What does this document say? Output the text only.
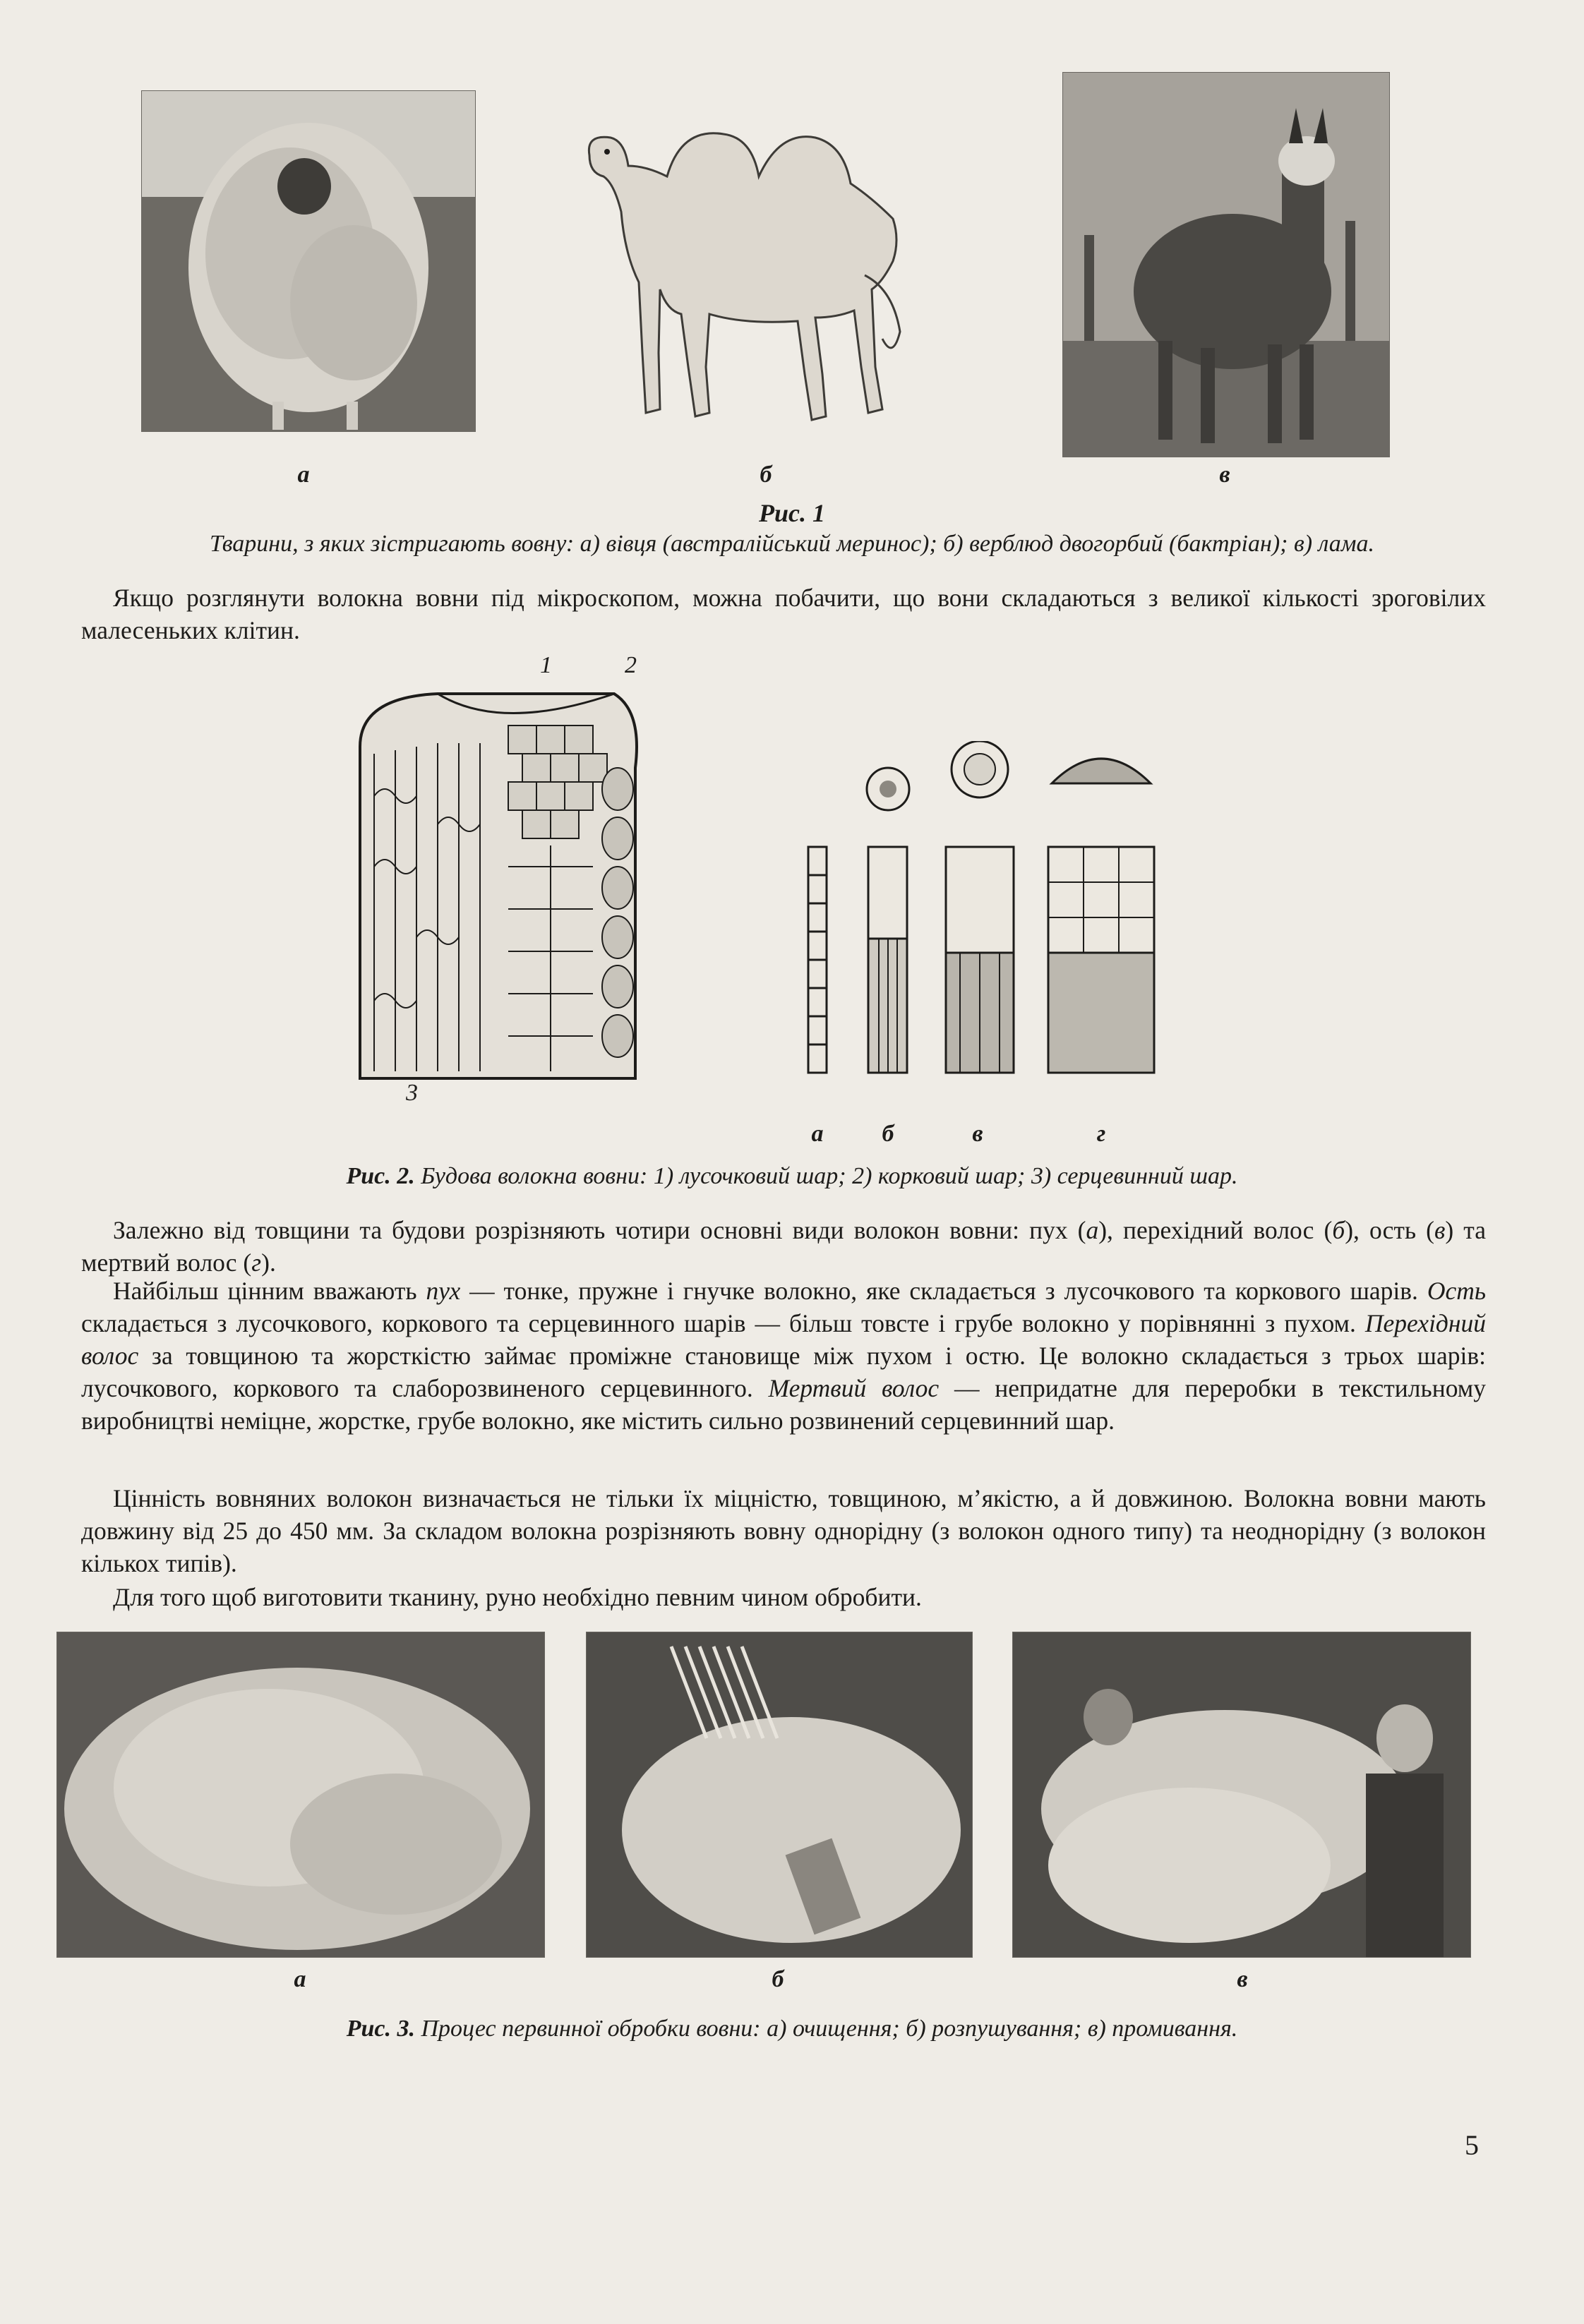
а	б	в
Рис. 1
Тварини, з яких зістригають вовну: а) вівця (австралійський меринос); б) верблюд двогорбий (бактріан); в) лама.

Якщо розглянути волокна вовни під мікроскопом, можна побачити, що вони складаються з великої кількості зроговілих малесеньких клітин.

1	2
3
а	б	в	г
Рис. 2. Будова волокна вовни: 1) лусочковий шар; 2) корковий шар; 3) серцевинний шар.

Залежно від товщини та будови розрізняють чотири основні види волокон вовни: пух (а), перехідний волос (б), ость (в) та мертвий волос (г).

Найбільш цінним вважають пух — тонке, пружне і гнучке волокно, яке складається з лусочкового та коркового шарів. Ость складається з лусочкового, коркового та серцевинного шарів — більш товсте і грубе волокно у порівнянні з пухом. Перехідний волос за товщиною та жорсткістю займає проміжне становище між пухом і остю. Це волокно складається з трьох шарів: лусочкового, коркового та слаборозвиненого серцевинного. Мертвий волос — непридатне для переробки в текстильному виробництві неміцне, жорстке, грубе волокно, яке містить сильно розвинений серцевинний шар.

Цінність вовняних волокон визначається не тільки їх міцністю, товщиною, м’якістю, а й довжиною. Волокна вовни мають довжину від 25 до 450 мм. За складом волокна розрізняють вовну однорідну (з волокон одного типу) та неоднорідну (з волокон кількох типів).

Для того щоб виготовити тканину, руно необхідно певним чином обробити.

а	б	в
Рис. 3. Процес первинної обробки вовни: а) очищення; б) розпушування; в) промивання.
5
